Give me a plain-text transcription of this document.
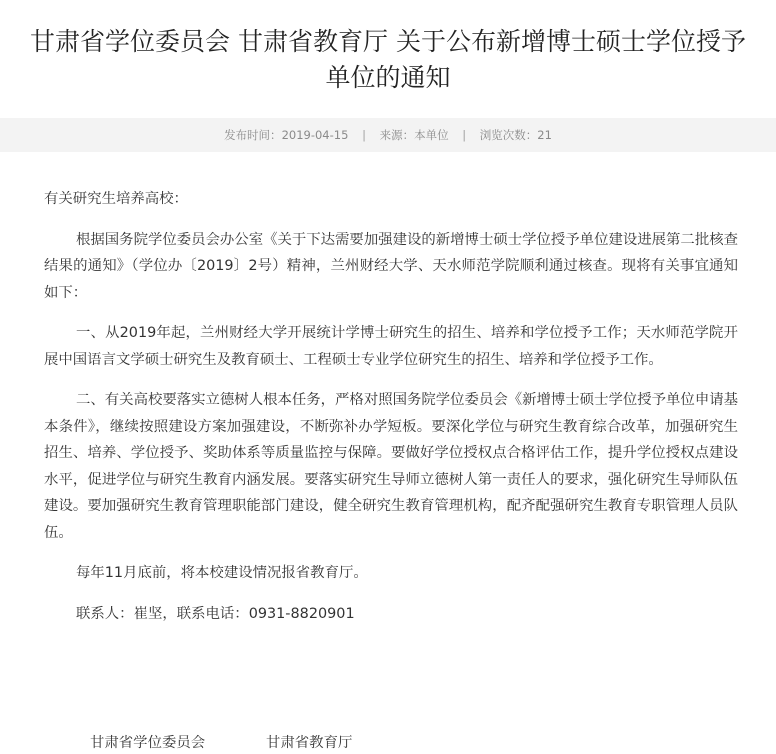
甘肃省学位委员会 甘肃省教育厅 关于公布新增博士硕士学位授予单位的通知
发布时间：2019-04-15 | 来源：本单位 | 浏览次数：21

有关研究生培养高校：

根据国务院学位委员会办公室《关于下达需要加强建设的新增博士硕士学位授予单位建设进展第二批核查结果的通知》（学位办〔2019〕2号）精神，兰州财经大学、天水师范学院顺利通过核查。现将有关事宜通知如下：

一、从2019年起，兰州财经大学开展统计学博士研究生的招生、培养和学位授予工作；天水师范学院开展中国语言文学硕士研究生及教育硕士、工程硕士专业学位研究生的招生、培养和学位授予工作。

二、有关高校要落实立德树人根本任务，严格对照国务院学位委员会《新增博士硕士学位授予单位申请基本条件》，继续按照建设方案加强建设，不断弥补办学短板。要深化学位与研究生教育综合改革，加强研究生招生、培养、学位授予、奖助体系等质量监控与保障。要做好学位授权点合格评估工作，提升学位授权点建设水平，促进学位与研究生教育内涵发展。要落实研究生导师立德树人第一责任人的要求，强化研究生导师队伍建设。要加强研究生教育管理职能部门建设，健全研究生教育管理机构，配齐配强研究生教育专职管理人员队伍。

每年11月底前，将本校建设情况报省教育厅。

联系人：崔坚，联系电话：0931-8820901

甘肃省学位委员会	甘肃省教育厅
